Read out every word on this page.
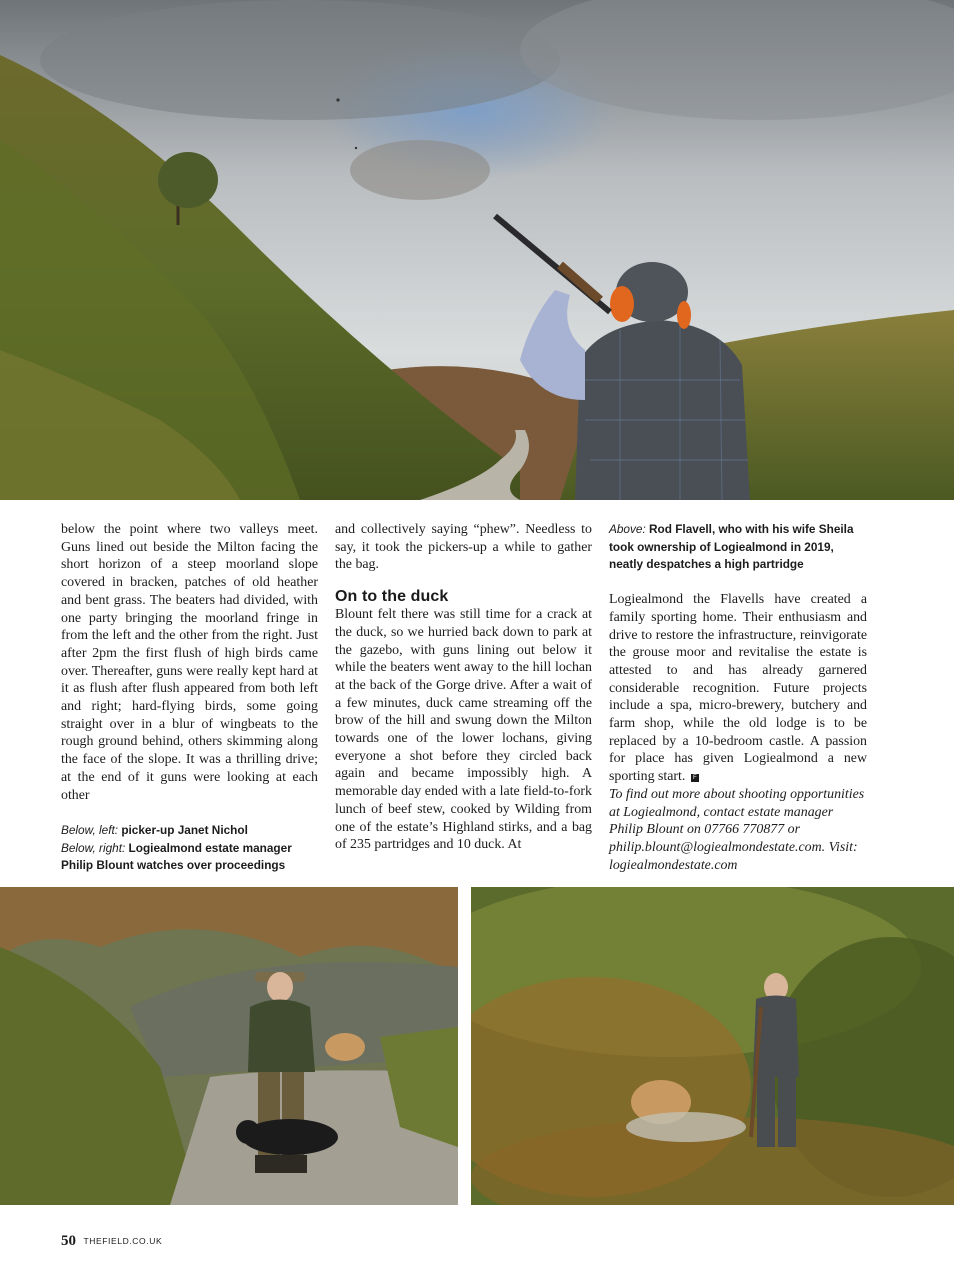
below the point where two valleys meet. Guns lined out beside the Milton facing the short horizon of a steep moorland slope covered in bracken, patches of old heather and bent grass. The beaters had divided, with one party bringing the moorland fringe in from the left and the other from the right. Just after 2pm the first flush of high birds came over. Thereafter, guns were really kept hard at it as flush after flush appeared from both left and right; hard-flying birds, some going straight over in a blur of wingbeats to the rough ground behind, others skimming along the face of the slope. It was a thrilling drive; at the end of it guns were looking at each other

Below, left: picker-up Janet Nichol
Below, right: Logiealmond estate manager Philip Blount watches over proceedings

and collectively saying “phew”. Needless to say, it took the pickers-up a while to gather the bag.

On to the duck

Blount felt there was still time for a crack at the duck, so we hurried back down to park at the gazebo, with guns lining out below it while the beaters went away to the hill lochan at the back of the Gorge drive. After a wait of a few minutes, duck came streaming off the brow of the hill and swung down the Milton towards one of the lower lochans, giving everyone a shot before they circled back again and became impossibly high. A memorable day ended with a late field-to-fork lunch of beef stew, cooked by Wilding from one of the estate’s Highland stirks, and a bag of 235 partridges and 10 duck. At

Above: Rod Flavell, who with his wife Sheila took ownership of Logiealmond in 2019, neatly despatches a high partridge

Logiealmond the Flavells have created a family sporting home. Their enthusiasm and drive to restore the infrastructure, reinvigorate the grouse moor and revitalise the estate is attested to and has already garnered considerable recognition. Future projects include a spa, micro-brewery, butchery and farm shop, while the old lodge is to be replaced by a 10-bedroom castle. A passion for place has given Logiealmond a new sporting start. F

To find out more about shooting opportunities at Logiealmond, contact estate manager Philip Blount on 07766 770877 or philip.blount@logiealmondestate.com. Visit: logiealmondestate.com

50 THEFIELD.CO.UK
